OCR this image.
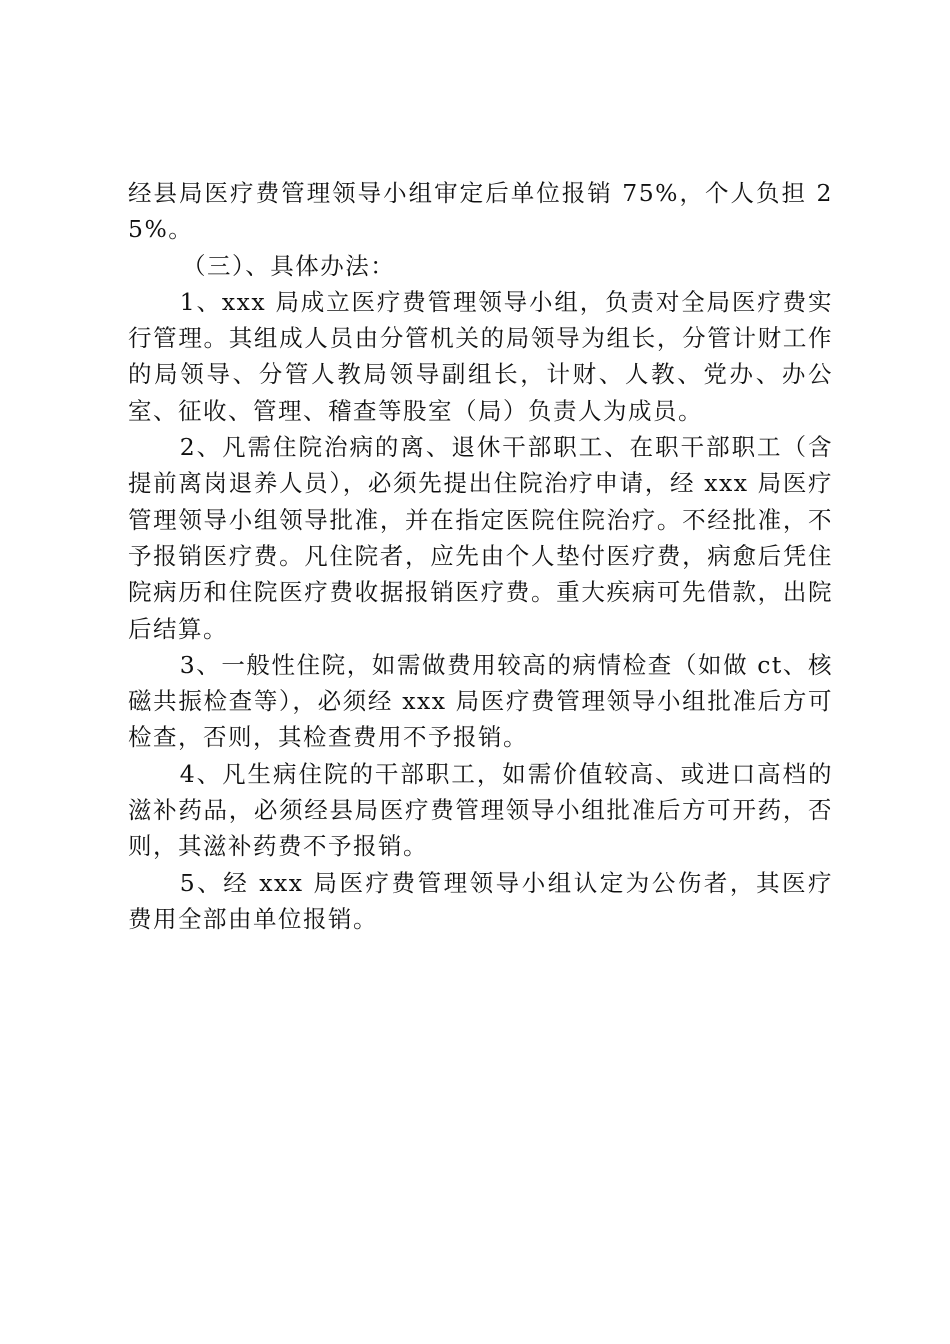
经县局医疗费管理领导小组审定后单位报销 75%，个人负担 25%。

（三）、具体办法：

1、xxx 局成立医疗费管理领导小组，负责对全局医疗费实行管理。其组成人员由分管机关的局领导为组长，分管计财工作的局领导、分管人教局领导副组长，计财、人教、党办、办公室、征收、管理、稽查等股室（局）负责人为成员。

2、凡需住院治病的离、退休干部职工、在职干部职工（含提前离岗退养人员），必须先提出住院治疗申请，经 xxx 局医疗管理领导小组领导批准，并在指定医院住院治疗。不经批准，不予报销医疗费。凡住院者，应先由个人垫付医疗费，病愈后凭住院病历和住院医疗费收据报销医疗费。重大疾病可先借款，出院后结算。

3、一般性住院，如需做费用较高的病情检查（如做 ct、核磁共振检查等），必须经 xxx 局医疗费管理领导小组批准后方可检查，否则，其检查费用不予报销。

4、凡生病住院的干部职工，如需价值较高、或进口高档的滋补药品，必须经县局医疗费管理领导小组批准后方可开药，否则，其滋补药费不予报销。

5、经 xxx 局医疗费管理领导小组认定为公伤者，其医疗费用全部由单位报销。
